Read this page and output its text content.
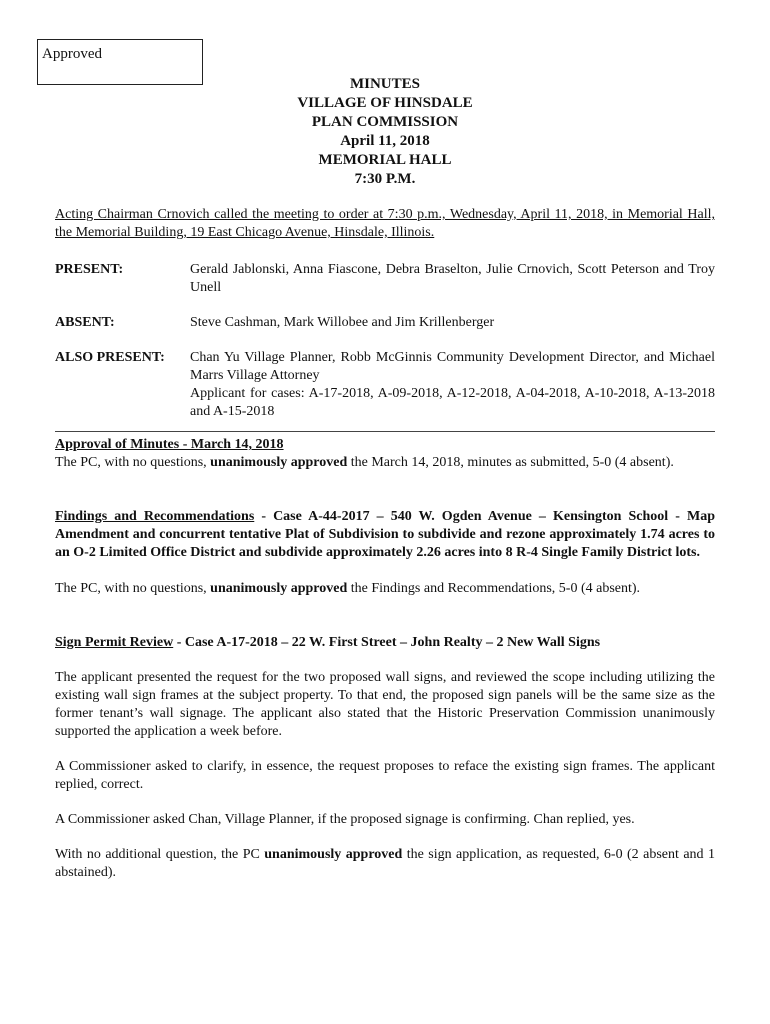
Approved
MINUTES
VILLAGE OF HINSDALE
PLAN COMMISSION
April 11, 2018
MEMORIAL HALL
7:30 P.M.

Acting Chairman Crnovich called the meeting to order at 7:30 p.m., Wednesday, April 11, 2018, in Memorial Hall, the Memorial Building, 19 East Chicago Avenue, Hinsdale, Illinois.

PRESENT:	Gerald Jablonski, Anna Fiascone, Debra Braselton, Julie Crnovich, Scott Peterson and Troy Unell
ABSENT:	Steve Cashman, Mark Willobee and Jim Krillenberger
ALSO PRESENT:	Chan Yu Village Planner, Robb McGinnis Community Development Director, and Michael Marrs Village Attorney
Applicant for cases: A-17-2018, A-09-2018, A-12-2018, A-04-2018, A-10-2018, A-13-2018 and A-15-2018

Approval of Minutes - March 14, 2018

The PC, with no questions, unanimously approved the March 14, 2018, minutes as submitted, 5-0 (4 absent).

Findings and Recommendations - Case A-44-2017 – 540 W. Ogden Avenue – Kensington School - Map Amendment and concurrent tentative Plat of Subdivision to subdivide and rezone approximately 1.74 acres to an O-2 Limited Office District and subdivide approximately 2.26 acres into 8 R-4 Single Family District lots.

The PC, with no questions, unanimously approved the Findings and Recommendations, 5-0 (4 absent).

Sign Permit Review - Case A-17-2018 – 22 W. First Street – John Realty – 2 New Wall Signs

The applicant presented the request for the two proposed wall signs, and reviewed the scope including utilizing the existing wall sign frames at the subject property. To that end, the proposed sign panels will be the same size as the former tenant’s wall signage. The applicant also stated that the Historic Preservation Commission unanimously supported the application a week before.

A Commissioner asked to clarify, in essence, the request proposes to reface the existing sign frames. The applicant replied, correct.

A Commissioner asked Chan, Village Planner, if the proposed signage is confirming. Chan replied, yes.

With no additional question, the PC unanimously approved the sign application, as requested, 6-0 (2 absent and 1 abstained).
